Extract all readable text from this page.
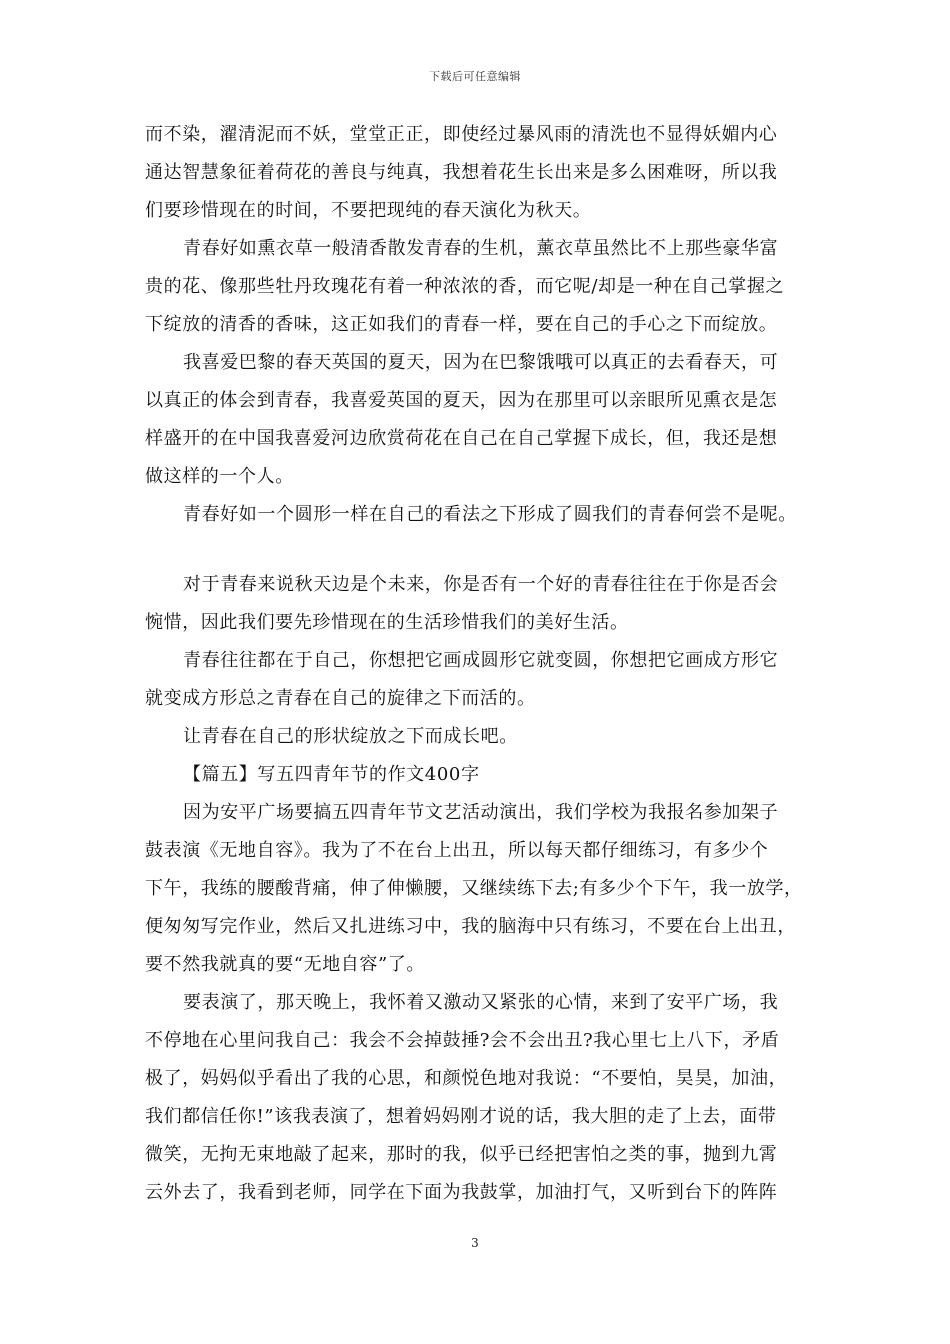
下载后可任意编辑
而不染，濯清泥而不妖，堂堂正正，即使经过暴风雨的清洗也不显得妖媚内心
通达智慧象征着荷花的善良与纯真，我想着花生长出来是多么困难呀，所以我
们要珍惜现在的时间，不要把现纯的春天演化为秋天。
青春好如熏衣草一般清香散发青春的生机，薰衣草虽然比不上那些豪华富
贵的花、像那些牡丹玫瑰花有着一种浓浓的香，而它呢/却是一种在自己掌握之
下绽放的清香的香味，这正如我们的青春一样，要在自己的手心之下而绽放。
我喜爱巴黎的春天英国的夏天，因为在巴黎饿哦可以真正的去看春天，可
以真正的体会到青春，我喜爱英国的夏天，因为在那里可以亲眼所见熏衣是怎
样盛开的在中国我喜爱河边欣赏荷花在自己在自己掌握下成长，但，我还是想
做这样的一个人。
青春好如一个圆形一样在自己的看法之下形成了圆我们的青春何尝不是呢。
对于青春来说秋天边是个未来，你是否有一个好的青春往往在于你是否会
惋惜，因此我们要先珍惜现在的生活珍惜我们的美好生活。
青春往往都在于自己，你想把它画成圆形它就变圆，你想把它画成方形它
就变成方形总之青春在自己的旋律之下而活的。
让青春在自己的形状绽放之下而成长吧。
【篇五】写五四青年节的作文400字
因为安平广场要搞五四青年节文艺活动演出，我们学校为我报名参加架子
鼓表演《无地自容》。我为了不在台上出丑，所以每天都仔细练习，有多少个
下午，我练的腰酸背痛，伸了伸懒腰，又继续练下去;有多少个下午，我一放学，
便匆匆写完作业，然后又扎进练习中，我的脑海中只有练习，不要在台上出丑，
要不然我就真的要“无地自容”了。
要表演了，那天晚上，我怀着又激动又紧张的心情，来到了安平广场，我
不停地在心里问我自己：我会不会掉鼓捶?会不会出丑?我心里七上八下，矛盾
极了，妈妈似乎看出了我的心思，和颜悦色地对我说：“不要怕，昊昊，加油，
我们都信任你!”该我表演了，想着妈妈刚才说的话，我大胆的走了上去，面带
微笑，无拘无束地敲了起来，那时的我，似乎已经把害怕之类的事，抛到九霄
云外去了，我看到老师，同学在下面为我鼓掌，加油打气，又听到台下的阵阵
3
